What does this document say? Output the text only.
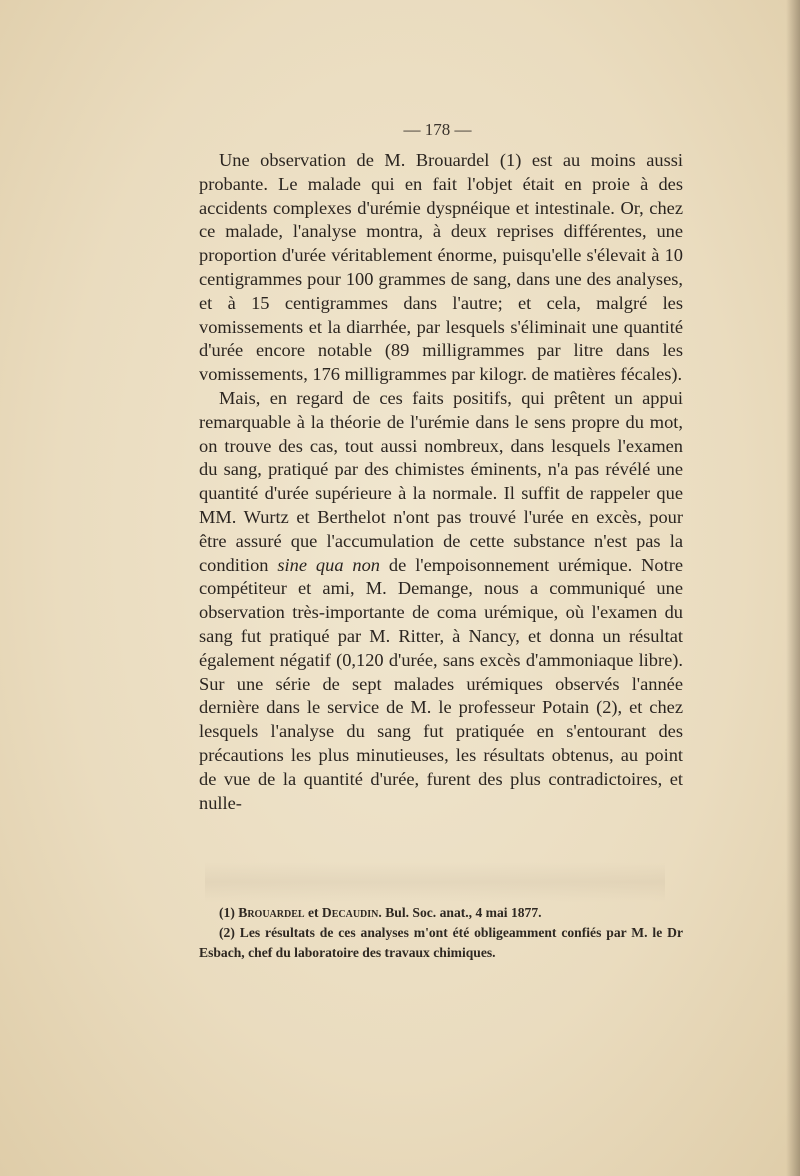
— 178 —

Une observation de M. Brouardel (1) est au moins aussi probante. Le malade qui en fait l'objet était en proie à des accidents complexes d'urémie dyspnéique et intestinale. Or, chez ce malade, l'analyse montra, à deux reprises différentes, une proportion d'urée véritablement énorme, puisqu'elle s'élevait à 10 centigrammes pour 100 grammes de sang, dans une des analyses, et à 15 centigrammes dans l'autre; et cela, malgré les vomissements et la diarrhée, par lesquels s'éliminait une quantité d'urée encore notable (89 milligrammes par litre dans les vomissements, 176 milligrammes par kilogr. de matières fécales).

Mais, en regard de ces faits positifs, qui prêtent un appui remarquable à la théorie de l'urémie dans le sens propre du mot, on trouve des cas, tout aussi nombreux, dans lesquels l'examen du sang, pratiqué par des chimistes éminents, n'a pas révélé une quantité d'urée supérieure à la normale. Il suffit de rappeler que MM. Wurtz et Berthelot n'ont pas trouvé l'urée en excès, pour être assuré que l'accumulation de cette substance n'est pas la condition sine qua non de l'empoisonnement urémique. Notre compétiteur et ami, M. Demange, nous a communiqué une observation très-importante de coma urémique, où l'examen du sang fut pratiqué par M. Ritter, à Nancy, et donna un résultat également négatif (0,120 d'urée, sans excès d'ammoniaque libre). Sur une série de sept malades urémiques observés l'année dernière dans le service de M. le professeur Potain (2), et chez lesquels l'analyse du sang fut pratiquée en s'entourant des précautions les plus minutieuses, les résultats obtenus, au point de vue de la quantité d'urée, furent des plus contradictoires, et nulle-

(1) Brouardel et Decaudin. Bul. Soc. anat., 4 mai 1877.

(2) Les résultats de ces analyses m'ont été obligeamment confiés par M. le Dr Esbach, chef du laboratoire des travaux chimiques.
